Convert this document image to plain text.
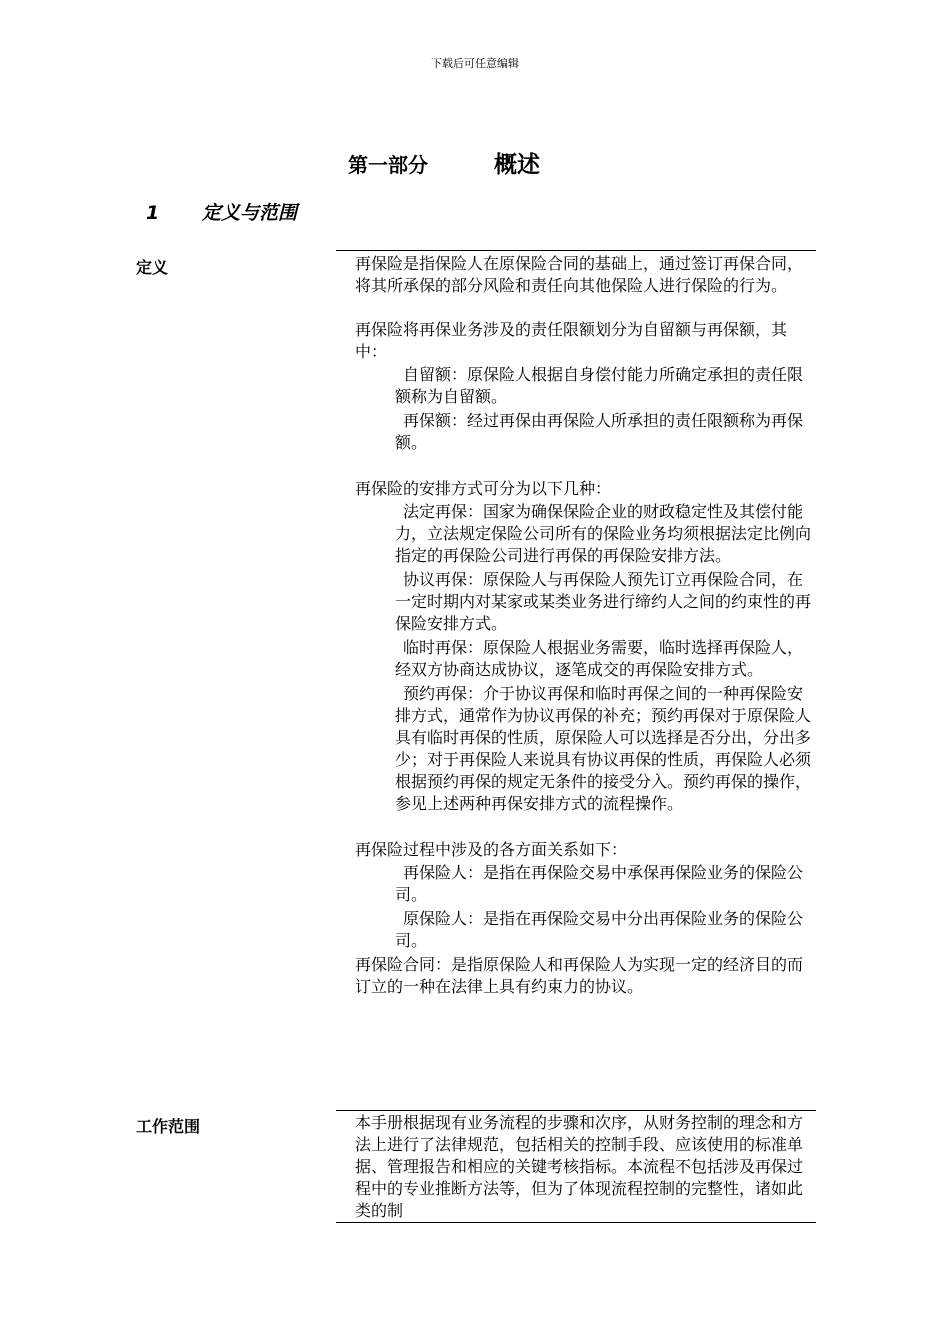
下载后可任意编辑
第一部分	概述
1 定义与范围
定义	再保险是指保险人在原保险合同的基础上，通过签订再保合同，将其所承保的部分风险和责任向其他保险人进行保险的行为。

再保险将再保业务涉及的责任限额划分为自留额与再保额，其中：

自留额：原保险人根据自身偿付能力所确定承担的责任限额称为自留额。

再保额：经过再保由再保险人所承担的责任限额称为再保额。

再保险的安排方式可分为以下几种：

法定再保：国家为确保保险企业的财政稳定性及其偿付能力，立法规定保险公司所有的保险业务均须根据法定比例向指定的再保险公司进行再保的再保险安排方法。

协议再保：原保险人与再保险人预先订立再保险合同，在一定时期内对某家或某类业务进行缔约人之间的约束性的再保险安排方式。

临时再保：原保险人根据业务需要，临时选择再保险人，经双方协商达成协议，逐笔成交的再保险安排方式。

预约再保：介于协议再保和临时再保之间的一种再保险安排方式，通常作为协议再保的补充；预约再保对于原保险人具有临时再保的性质，原保险人可以选择是否分出，分出多少；对于再保险人来说具有协议再保的性质，再保险人必须根据预约再保的规定无条件的接受分入。预约再保的操作，参见上述两种再保安排方式的流程操作。

再保险过程中涉及的各方面关系如下：

再保险人：是指在再保险交易中承保再保险业务的保险公司。

原保险人：是指在再保险交易中分出再保险业务的保险公司。

再保险合同：是指原保险人和再保险人为实现一定的经济目的而订立的一种在法律上具有约束力的协议。

工作范围	本手册根据现有业务流程的步骤和次序，从财务控制的理念和方法上进行了法律规范，包括相关的控制手段、应该使用的标准单据、管理报告和相应的关键考核指标。本流程不包括涉及再保过程中的专业推断方法等，但为了体现流程控制的完整性，诸如此类的制
